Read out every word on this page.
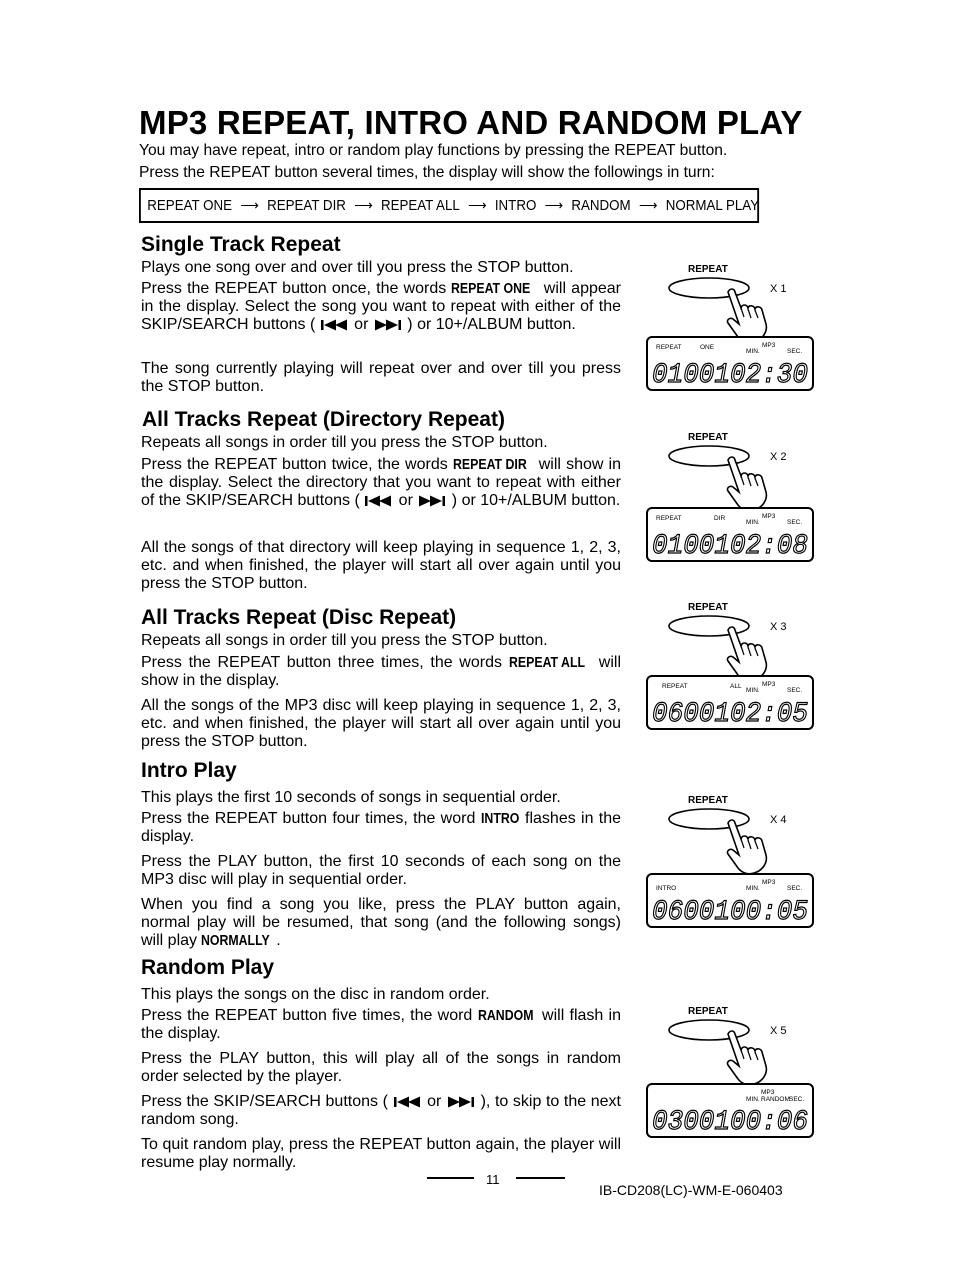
MP3 REPEAT, INTRO AND RANDOM PLAY
You may have repeat, intro or random play functions by pressing the REPEAT button.
Press the REPEAT button several times, the display will show the followings in turn:
REPEAT ONE ⟶ REPEAT DIR ⟶ REPEAT ALL ⟶ INTRO ⟶ RANDOM ⟶ NORMAL PLAY
Single Track Repeat
Plays one song over and over till you press the STOP button.
Press the REPEAT button once, the words REPEAT ONE will appear in the display. Select the song you want to repeat with either of the SKIP/SEARCH buttons (  or  ) or 10+/ALBUM button.
The song currently playing will repeat over and over till you press the STOP button.
All Tracks Repeat (Directory Repeat)
Repeats all songs in order till you press the STOP button.
Press the REPEAT button twice, the words REPEAT DIR will show in the display. Select the directory that you want to repeat with either of the SKIP/SEARCH buttons (  or  ) or 10+/ALBUM button.
All the songs of that directory will keep playing in sequence 1, 2, 3, etc. and when finished, the player will start all over again until you press the STOP button.
All Tracks Repeat (Disc Repeat)
Repeats all songs in order till you press the STOP button.
Press the REPEAT button three times, the words REPEAT ALL will show in the display.
All the songs of the MP3 disc will keep playing in sequence 1, 2, 3, etc. and when finished, the player will start all over again until you press the STOP button.
Intro Play
This plays the first 10 seconds of songs in sequential order.
Press the REPEAT button four times, the word INTRO flashes in the display.
Press the PLAY button, the first 10 seconds of each song on the MP3 disc will play in sequential order.
When you find a song you like, press the PLAY button again, normal play will be resumed, that song (and the following songs) will play NORMALLY .
Random Play
This plays the songs on the disc in random order.
Press the REPEAT button five times, the word RANDOM will flash in the display.
Press the PLAY button, this will play all of the songs in random order selected by the player.
Press the SKIP/SEARCH buttons (  or  ), to skip to the next random song.
To quit random play, press the REPEAT button again, the player will resume play normally.
REPEAT
X 1
REPEAT	ONE
MIN.
MP3
SEC.
0100102:30
REPEAT
X 2
REPEAT	DIR
MIN.
MP3
SEC.
0100102:08
REPEAT
X 3
REPEAT	ALL
MIN.
MP3
SEC.
0600102:05
REPEAT
X 4
INTRO	MIN.
MP3
SEC.
0600100:05
REPEAT
X 5
MP3
MIN. RANDOM SEC.
0300100:06
11
IB-CD208(LC)-WM-E-060403
